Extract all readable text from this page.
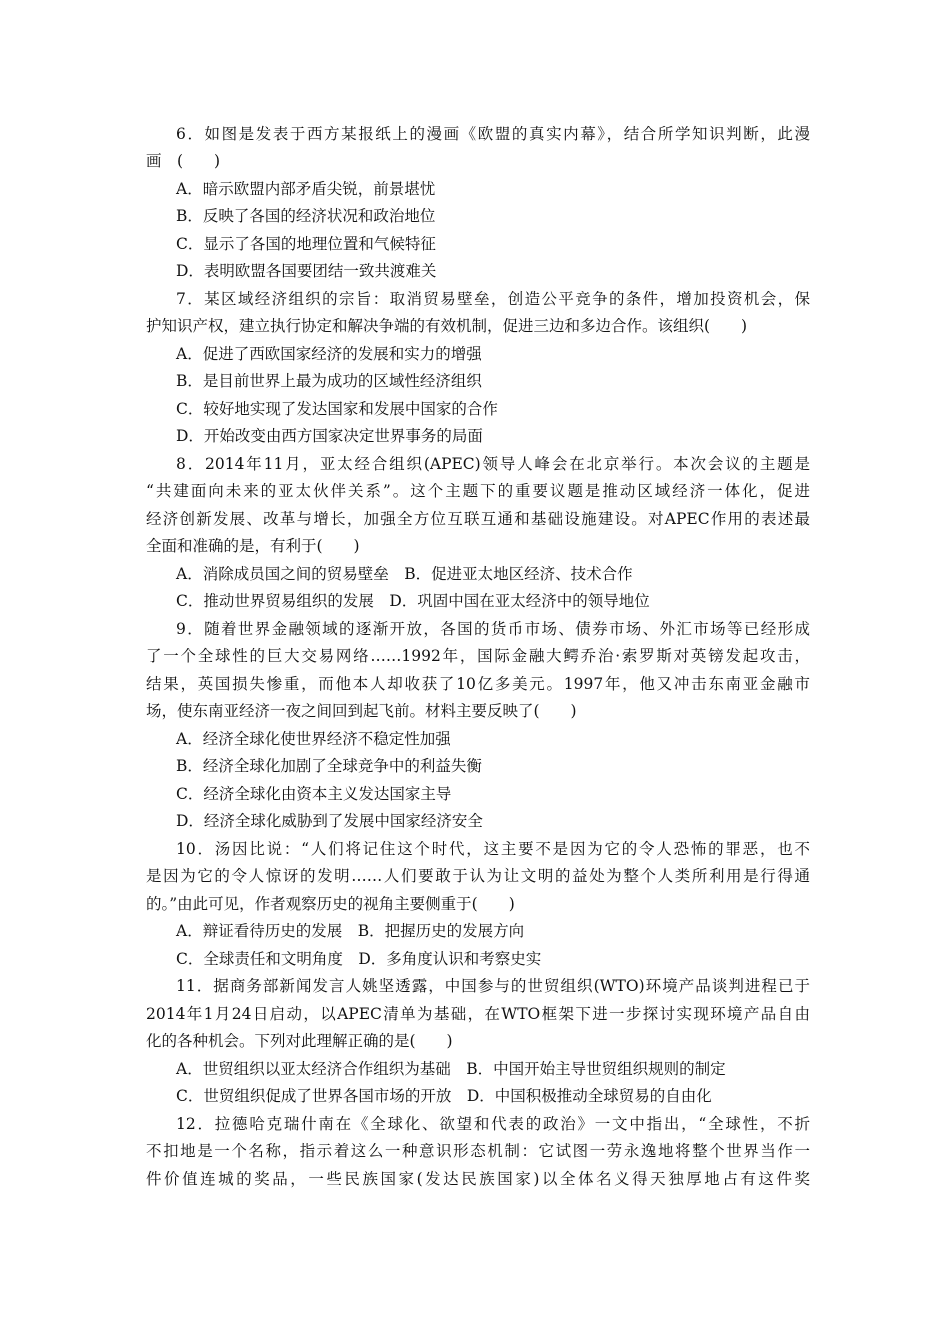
6．如图是发表于西方某报纸上的漫画《欧盟的真实内幕》，结合所学知识判断，此漫
画　(　　)
A．暗示欧盟内部矛盾尖锐，前景堪忧
B．反映了各国的经济状况和政治地位
C．显示了各国的地理位置和气候特征
D．表明欧盟各国要团结一致共渡难关
7．某区域经济组织的宗旨：取消贸易壁垒，创造公平竞争的条件，增加投资机会，保
护知识产权，建立执行协定和解决争端的有效机制，促进三边和多边合作。该组织(　　)
A．促进了西欧国家经济的发展和实力的增强
B．是目前世界上最为成功的区域性经济组织
C．较好地实现了发达国家和发展中国家的合作
D．开始改变由西方国家决定世界事务的局面
8．2014年11月，亚太经合组织(APEC)领导人峰会在北京举行。本次会议的主题是
“共建面向未来的亚太伙伴关系”。这个主题下的重要议题是推动区域经济一体化，促进
经济创新发展、改革与增长，加强全方位互联互通和基础设施建设。对APEC作用的表述最
全面和准确的是，有利于(　　)
A．消除成员国之间的贸易壁垒　B．促进亚太地区经济、技术合作
C．推动世界贸易组织的发展　D．巩固中国在亚太经济中的领导地位
9．随着世界金融领域的逐渐开放，各国的货币市场、债券市场、外汇市场等已经形成
了一个全球性的巨大交易网络……1992年，国际金融大鳄乔治·索罗斯对英镑发起攻击，
结果，英国损失惨重，而他本人却收获了10亿多美元。1997年，他又冲击东南亚金融市
场，使东南亚经济一夜之间回到起飞前。材料主要反映了(　　)
A．经济全球化使世界经济不稳定性加强
B．经济全球化加剧了全球竞争中的利益失衡
C．经济全球化由资本主义发达国家主导
D．经济全球化威胁到了发展中国家经济安全
10．汤因比说：“人们将记住这个时代，这主要不是因为它的令人恐怖的罪恶，也不
是因为它的令人惊讶的发明……人们要敢于认为让文明的益处为整个人类所利用是行得通
的。”由此可见，作者观察历史的视角主要侧重于(　　)
A．辩证看待历史的发展　B．把握历史的发展方向
C．全球责任和文明角度　D．多角度认识和考察史实
11．据商务部新闻发言人姚坚透露，中国参与的世贸组织(WTO)环境产品谈判进程已于
2014年1月24日启动，以APEC清单为基础，在WTO框架下进一步探讨实现环境产品自由
化的各种机会。下列对此理解正确的是(　　)
A．世贸组织以亚太经济合作组织为基础　B．中国开始主导世贸组织规则的制定
C．世贸组织促成了世界各国市场的开放　D．中国积极推动全球贸易的自由化
12．拉德哈克瑞什南在《全球化、欲望和代表的政治》一文中指出，“全球性，不折
不扣地是一个名称，指示着这么一种意识形态机制：它试图一劳永逸地将整个世界当作一
件价值连城的奖品，一些民族国家(发达民族国家)以全体名义得天独厚地占有这件奖
